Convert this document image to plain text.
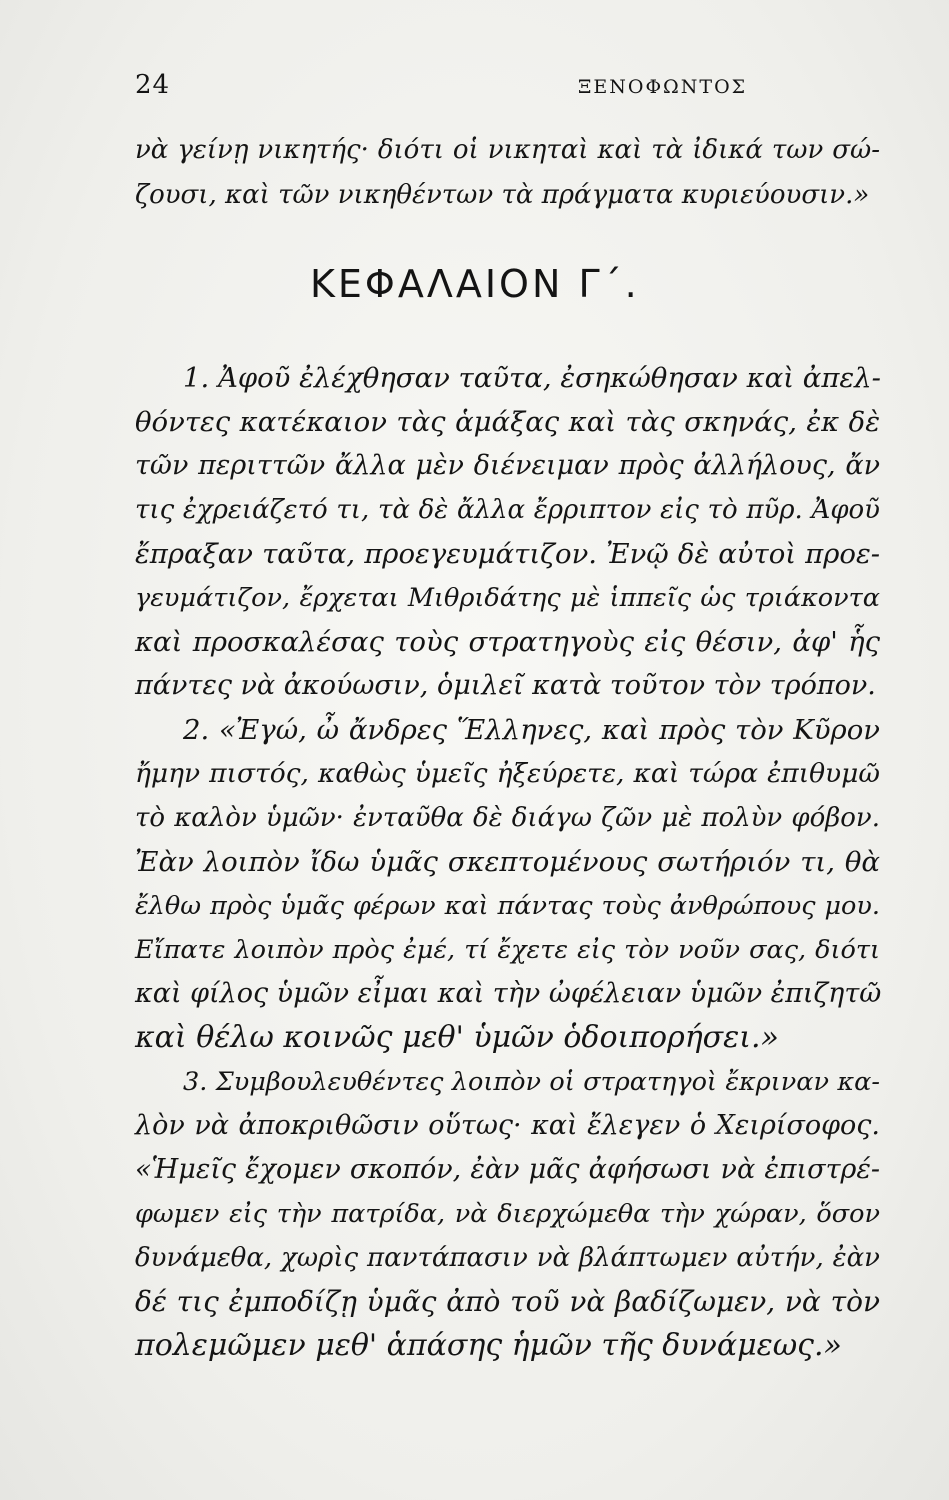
24	ΞΕΝΟΦΩΝΤΟΣ
νὰ γείνῃ νικητής· διότι οἱ νικηταὶ καὶ τὰ ἰδικά των σώ-
ζουσι, καὶ τῶν νικηθέντων τὰ πράγματα κυριεύουσιν.»
ΚΕΦΑΛΑΙΟΝ Γ΄.
1. Ἀφοῦ ἐλέχθησαν ταῦτα, ἐσηκώθησαν καὶ ἀπελ-
θόντες κατέκαιον τὰς ἁμάξας καὶ τὰς σκηνάς, ἐκ δὲ
τῶν περιττῶν ἄλλα μὲν διένειμαν πρὸς ἀλλήλους, ἄν
τις ἐχρειάζετό τι, τὰ δὲ ἄλλα ἔρριπτον εἰς τὸ πῦρ. Ἀφοῦ
ἔπραξαν ταῦτα, προεγευμάτιζον. Ἐνῷ δὲ αὐτοὶ προε-
γευμάτιζον, ἔρχεται Μιθριδάτης μὲ ἱππεῖς ὡς τριάκοντα
καὶ προσκαλέσας τοὺς στρατηγοὺς εἰς θέσιν, ἀφ' ἧς
πάντες νὰ ἀκούωσιν, ὁμιλεῖ κατὰ τοῦτον τὸν τρόπον.
2. «Ἐγώ, ὦ ἄνδρες Ἕλληνες, καὶ πρὸς τὸν Κῦρον
ἤμην πιστός, καθὼς ὑμεῖς ἠξεύρετε, καὶ τώρα ἐπιθυμῶ
τὸ καλὸν ὑμῶν· ἐνταῦθα δὲ διάγω ζῶν μὲ πολὺν φόβον.
Ἐὰν λοιπὸν ἴδω ὑμᾶς σκεπτομένους σωτήριόν τι, θὰ
ἔλθω πρὸς ὑμᾶς φέρων καὶ πάντας τοὺς ἀνθρώπους μου.
Εἴπατε λοιπὸν πρὸς ἐμέ, τί ἔχετε εἰς τὸν νοῦν σας, διότι
καὶ φίλος ὑμῶν εἶμαι καὶ τὴν ὠφέλειαν ὑμῶν ἐπιζητῶ
καὶ θέλω κοινῶς μεθ' ὑμῶν ὁδοιπορήσει.»
3. Συμβουλευθέντες λοιπὸν οἱ στρατηγοὶ ἔκριναν κα-
λὸν νὰ ἀποκριθῶσιν οὕτως· καὶ ἔλεγεν ὁ Χειρίσοφος.
«Ἡμεῖς ἔχομεν σκοπόν, ἐὰν μᾶς ἀφήσωσι νὰ ἐπιστρέ-
φωμεν εἰς τὴν πατρίδα, νὰ διερχώμεθα τὴν χώραν, ὅσον
δυνάμεθα, χωρὶς παντάπασιν νὰ βλάπτωμεν αὐτήν, ἐὰν
δέ τις ἐμποδίζῃ ὑμᾶς ἀπὸ τοῦ νὰ βαδίζωμεν, νὰ τὸν
πολεμῶμεν μεθ' ἁπάσης ἡμῶν τῆς δυνάμεως.»
